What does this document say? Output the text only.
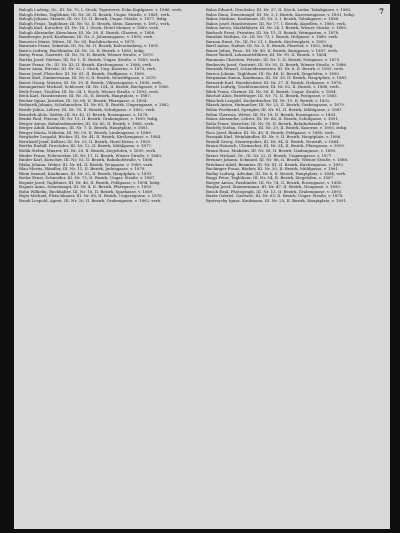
7

Balogh Ludwig, Gr., III. Nr. 70, I. Stock, Tapezierer, Ecke Kopfgasse, v. 1886, verh.

Balogh Stefan, Taglöhner, III. Nr. 26, II. Bezirk, Ungar. Straße, v. 1881, verh.

Balogh Johann, Maurer, III. Nr. 15, II. Bezirk, Ungar. Straße, v. 1877, ledig.

Balogh Franz, Taglöhner, III. Nr. 92, II. Bezirk, Stein. Kaserne, v. 1892, verh.

Balogh Karl, Kutscher, III. Nr. 14, I. Stock, Hotel Steiner, v. 1869, verh.

Balogh Alexander, Kürschner, III. Nr. 38, II. Bezirk, Glaserei, v. 1888.

Bamberger Josef, Kaufmann, III. Nr. 3, Johannisgasse, v. 1895, verh.

Banovics Maria, Witwe, III. Nr. 83, Buchdruckerei, v. 1875.

Baratsits Franz, Sekretär, III. Nr. 96, II. Bezirk, Kalvarienberg, v. 1891.

Barics Ludwig, Buchbinder, III. Nr. 25, II. Bezirk, v. 1883, ledig.

Barsy Franz, Gastwirt, III. Nr. 35, II. Bezirk, Wiener Straße, v. 1879.

Bartha Josef, Gärtner, III. Nr. 1, II. Bezirk, Ungar. Straße, v. 1883, verh.

Bauer Franz, Gr., III. Nr. 43, II. Bezirk, Kirchengasse, v. 1886, verh.

Bauer Anna, Private, III. Nr. 92, I. Stock, Ung. Kaserne, v. 1873, verh.

Bauer Josef, Fleischer, III. Nr. 61, II. Bezirk, Stoffgasse, v. 1890.

Bauer Karl, Zimmermann, III. Nr. 6, II. Bezirk, Neustiftgasse, v. 1876.

Bauer Georg, Maurer, III. Nr. 19, II. Bezirk, Viktoriagasse, v. 1890, verh.

Baumgartner Michael, Schlosser, III. Nr. 104, II. Bezirk, Buchgasse, v. 1885.

Beck Franz, Tischler, III. Nr. 24, I. Stock, Wiener Straße, v. 1893, verh.

Beck Karl, Hausbesitzer, III. Nr. 31, II. Bezirk, Hauptplatz, v. 1887.

Becker Ignaz, Juwelier, III. Nr. 68, II. Bezirk, Pfarrgasse, v. 1894.

Bednarik Johann, Schuhmacher, III. Nr. 65, II. Bezirk, Ungarngasse, v. 1882.

Bende Julius, Lehrer, III. Nr. 78, II. Bezirk, Schulgasse, v. 1892, verh.

Benedek Alois, Sattler, III. Nr. 42, II. Bezirk, Rosengasse, v. 1878.

Benkö Paul, Friseur, III. Nr. 13, II. Bezirk, Grabengasse, v. 1890, ledig.

Berger Anton, Bahnbediensteter, III. Nr. 85, II. Bezirk, v. 1886, verh.

Berger Adolf, Kaufmann, III. Nr. 7, II. Bezirk, Hauptplatz, v. 1881.

Berger Maria, Näherin, III. Nr. 59, II. Bezirk, Lindengasse, v. 1889.

Berghofer Leopold, Bäcker, III. Nr. 44, II. Bezirk, Kirchengasse, v. 1884.

Bernhard Josef, Kellner, III. Nr. 33, II. Bezirk, Hotel Kreuz, v. 1893.

Bertha Rudolf, Drechsler, III. Nr. 12, II. Bezirk, Mühlgasse, v. 1877.

Bielik Stefan, Maurer, III. Nr. 28, II. Bezirk, Ziegelofen, v. 1890, verh.

Binder Franz, Fuhrwerker, III. Nr. 17, II. Bezirk, Wiener Straße, v. 1880.

Binder Karl, Kutscher, III. Nr. 53, II. Bezirk, Bahnhofstraße, v. 1888.

Blaha Johann, Weber, III. Nr. 64, II. Bezirk, Neugasse, v. 1885, verh.

Blau Moritz, Händler, III. Nr. 11, II. Bezirk, Judengasse, v. 1879.

Blum Samuel, Kaufmann, III. Nr. 32, II. Bezirk, Hauptplatz, v. 1891.

Bodor Ernst, Schneider, III. Nr. 75, II. Bezirk, Ungar. Straße, v. 1887.

Bognár Josef, Taglöhner, III. Nr. 46, II. Bezirk, Feldgasse, v. 1894, ledig.

Bognár Anna, Dienstmagd, III. Nr. 4, II. Bezirk, Pfarrgasse, v. 1893.

Bohn Wilhelm, Buchhalter, III. Nr. 16, II. Bezirk, Sparkasse, v. 1889.

Bojta Michael, Fleischhauer, III. Nr. 88, II. Bezirk, Ungarngasse, v. 1876.

Bondi Leopold, Agent, III. Nr. 20, II. Bezirk, Grabengasse, v. 1892, verh.

Balas Eduard, Drechsler, III. Nr. 37, II. Stock, Leder, Tabakgasse, v. 1883.

Balas Ilona, Dienstmagd, III. Nr. 2, I. Bezirk, Kasernengasse, v. 1891, ledig.

Bakos Mathias, Kaufmann, III. Nr. 3, I. Bezirk, Tabakgasse, v. 1888.

Bakos Josef, Hausbesitzer, III. Nr. 77, I. Bezirk, Kapellen, v. 1885, verh.

Bakos Anton, Marktfahrer, III. Nr. 26, I. Bezirk, Wiener Straße, v. 1880.

Barbach Ernst, Privatier, III. Nr. 15, II. Bezirk, Weingarten, v. 1878.

Barabás Mathias, Gr., III. Nr. 73, I. Bezirk, Hofgasse, v. 1889, verh.

Barnau Ernst, Gr., III. Nr. 21, I. Bezirk, Kirchenplatz, v. 1895.

Bartl Anton, Hafner, III. Nr. 5, II. Bezirk, Pfarrhof, v. 1892, ledig.

Bauer Julius, Pens., III. Nr. 40, II. Bezirk, Burggasse, v. 1887, verh.

Bauer Rudolf, Lokomotivführer, III. Nr. 99, II. Bezirk, v. 1884.

Baumann Christine, Private, III. Nr. 1, II. Bezirk, Neugasse, v. 1879.

Benkovits Josef, Gastwirt, III. Nr. 55, II. Bezirk, Wiener Straße, v. 1886.

Beranek Wenzel, Schneidermeister, III. Nr. 8, II. Bezirk, v. 1893, verh.

Berecz Johann, Taglöhner, III. Nr. 48, II. Bezirk, Ziegelofen, v. 1890.

Bergmann Simon, Kaufmann, III. Nr. 39, II. Bezirk, Hauptplatz, v. 1881.

Bernardi Karl, Hausbesitzer, III. Nr. 27, II. Bezirk, Hofgasse, v. 1876.

Bernát Ludwig, Tischlermeister, III. Nr. 62, II. Bezirk, v. 1888, verh.

Bilek Franz, Gärtner, III. Nr. 36, II. Bezirk, Ungar. Straße, v. 1894.

Bischof Alois, Briefträger, III. Nr. 71, II. Bezirk, Postgasse, v. 1885.

Blaschek Leopold, Zuckerbäcker, III. Nr. 10, II. Bezirk, v. 1892.

Blazek Anton, Hutmacher, III. Nr. 23, II. Bezirk, Grabengasse, v. 1879.

Böhm Ferdinand, Spengler, III. Nr. 81, II. Bezirk, Mühlgasse, v. 1887.

Böhm Theresia, Witwe, III. Nr. 18, II. Bezirk, Rosengasse, v. 1883.

Bokor Alexander, Lehrer, III. Nr. 66, II. Bezirk, Schulgasse, v. 1891.

Bolla Franz, Kutscher, III. Nr. 50, II. Bezirk, Bahnhofstraße, v. 1889.

Borbély Stefan, Gendarm, III. Nr. 29, II. Bezirk, Kaserne, v. 1895, ledig.

Bors Josef, Binder, III. Nr. 45, II. Bezirk, Feldgasse, v. 1880, verh.

Bosnyák Karl, Weinhändler, III. Nr. 9, II. Bezirk, Hauptplatz, v. 1886.

Brandl Georg, Maurerpolier, III. Nr. 94, II. Bezirk, Neustift, v. 1884.

Braun Heinrich, Uhrmacher, III. Nr. 34, II. Bezirk, Pfarrgasse, v. 1893.

Braun Rosa, Modistin, III. Nr. 58, II. Bezirk, Lindengasse, v. 1890.

Breier Michael, Gr., III. Nr. 22, II. Bezirk, Ungarngasse, v. 1877.

Brenner Johann, Schmied, III. Nr. 86, II. Bezirk, Wiener Straße, v. 1888.

Brückner Adolf, Beamter, III. Nr. 41, II. Bezirk, Kirchengasse, v. 1892.

Buchinger Franz, Bäcker, III. Nr. 30, II. Bezirk, Mühlgasse, v. 1881.

Buday Ludwig, Advokat, III. Nr. 6, II. Bezirk, Hauptplatz, v. 1894, verh.

Bugyi Peter, Taglöhner, III. Nr. 54, II. Bezirk, Ziegelofen, v. 1887.

Burger Anton, Fassbinder, III. Nr. 74, II. Bezirk, Rosengasse, v. 1885.

Burján Josef, Zimmermann, III. Nr. 47, II. Bezirk, Neugasse, v. 1890.

Busch Emil, Photograph, III. Nr. 13, II. Bezirk, Grabengasse, v. 1893.

Buzás Gabriel, Gastwirt, III. Nr. 63, II. Bezirk, Ungar. Straße, v. 1878.

Bystrzycky Ignaz, Kaufmann, III. Nr. 25, II. Bezirk, Hauptplatz, v. 1891.
